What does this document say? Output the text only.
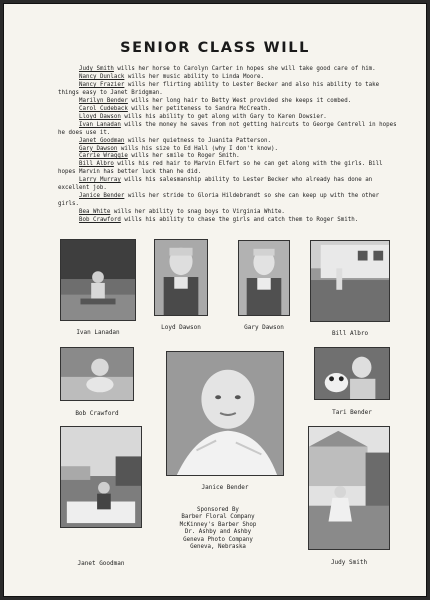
SENIOR CLASS WILL

Judy Smith wills her horse to Carolyn Carter in hopes she will take good care of him.

Nancy Dunlack wills her music ability to Linda Moore.

Nancy Frazier wills her flirting ability to Lester Becker and also his ability to take things easy to Janet Bridgman.

Marilyn Bender wills her long hair to Betty West provided she keeps it combed.

Carol Cudeback wills her petiteness to Sandra McCreath.

Lloyd Dawson wills his ability to get along with Gary to Karen Dowsier.

Ivan Lanadan wills the money he saves from not getting haircuts to George Centrell in hopes he does use it.

Janet Goodman wills her quietness to Juanita Patterson.

Gary Dawson wills his size to Ed Hall (why I don't know).

Carrie Wraggie wills her smile to Roger Smith.

Bill Albro wills his red hair to Marvin Elfert so he can get along with the girls. Bill hopes Marvin has better luck than he did.

Larry Murray wills his salesmanship ability to Lester Becker who already has done an excellent job.

Janice Bender wills her stride to Gloria Hildebrandt so she can keep up with the other girls.

Bea White wills her ability to snag boys to Virginia White.

Bob Crawford wills his ability to chase the girls and catch them to Roger Smith.

Ivan Lanadan
Loyd Dawson	Gary Dawson
Bill Albro
Bob Crawford	Tari Bender
Janice Bender
Janet Goodman	Judy Smith
Sponsored By
Barber Floral Company
McKinney's Barber Shop
Dr. Ashby and Ashby
Geneva Photo Company
Geneva, Nebraska
